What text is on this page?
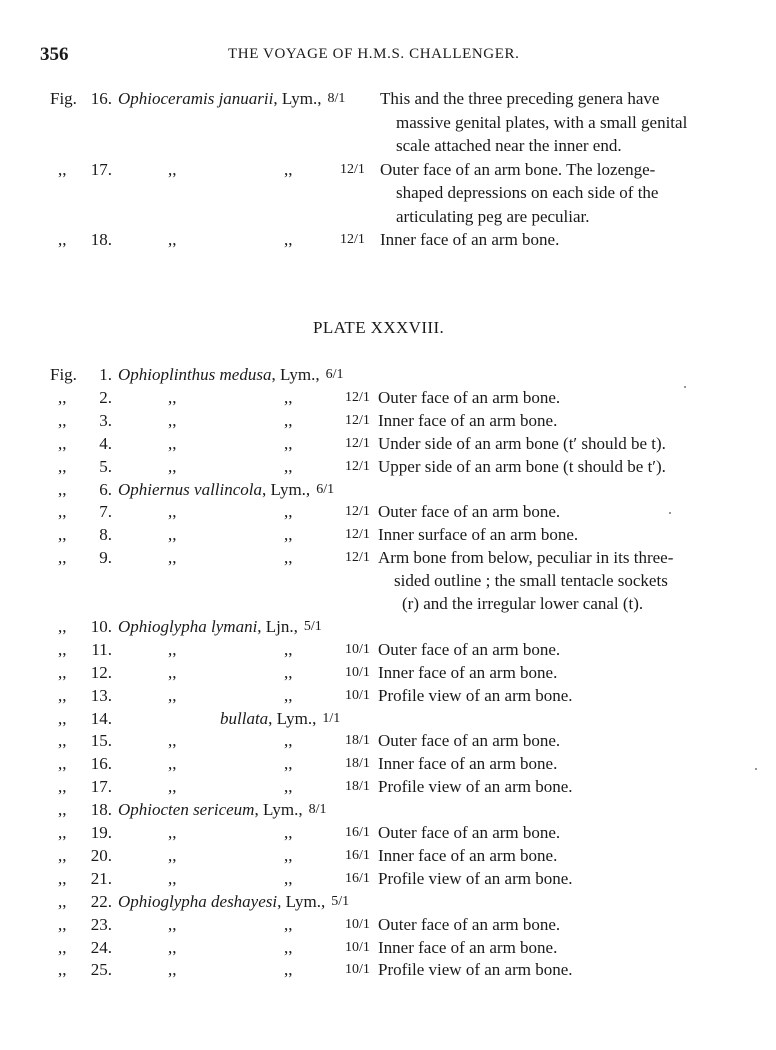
356	THE VOYAGE OF H.M.S. CHALLENGER.
Fig. 16. Ophioceramis januarii , Lym., 8/1 This and the three preceding genera have
massive genital plates, with a small genital
scale attached near the inner end.
,,	17.	,,	,,	12/1 Outer face of an arm bone. The lozenge-
shaped depressions on each side of the
articulating peg are peculiar.
,,	18.	,,	,,	12/1 Inner face of an arm bone.
PLATE XXXVIII.
Fig.	1. Ophioplinthus medusa , Lym., 6/1
,,	2.	,,	,,	12/1 Outer face of an arm bone.
,,	3.	,,	,,	12/1 Inner face of an arm bone.
,,	4.	,,	,,	12/1 Under side of an arm bone (t′ should be t).
,,	5.	,,	,,	12/1 Upper side of an arm bone (t should be t′).
,,	6. Ophiernus vallincola , Lym., 6/1
,,	7.	,,	,,	12/1 Outer face of an arm bone.
,,	8.	,,	,,	12/1 Inner surface of an arm bone.
,,	9.	,,	,,	12/1 Arm bone from below, peculiar in its three-
sided outline ; the small tentacle sockets
(r) and the irregular lower canal (t).
,,	10. Ophioglypha lymani , Ljn., 5/1
,,	11.	,,	,,	10/1 Outer face of an arm bone.
,,	12.	,,	,,	10/1 Inner face of an arm bone.
,,	13.	,,	,,	10/1 Profile view of an arm bone.
,,	14.	bullata , Lym., 1/1
,,	15.	,,	,,	18/1 Outer face of an arm bone.
,,	16.	,,	,,	18/1 Inner face of an arm bone.
,,	17.	,,	,,	18/1 Profile view of an arm bone.
,,	18. Ophiocten sericeum , Lym., 8/1
,,	19.	,,	,,	16/1 Outer face of an arm bone.
,,	20.	,,	,,	16/1 Inner face of an arm bone.
,,	21.	,,	,,	16/1 Profile view of an arm bone.
,,	22. Ophioglypha deshayesi , Lym., 5/1
,,	23.	,,	,,	10/1 Outer face of an arm bone.
,,	24.	,,	,,	10/1 Inner face of an arm bone.
,,	25.	,,	,,	10/1 Profile view of an arm bone.
